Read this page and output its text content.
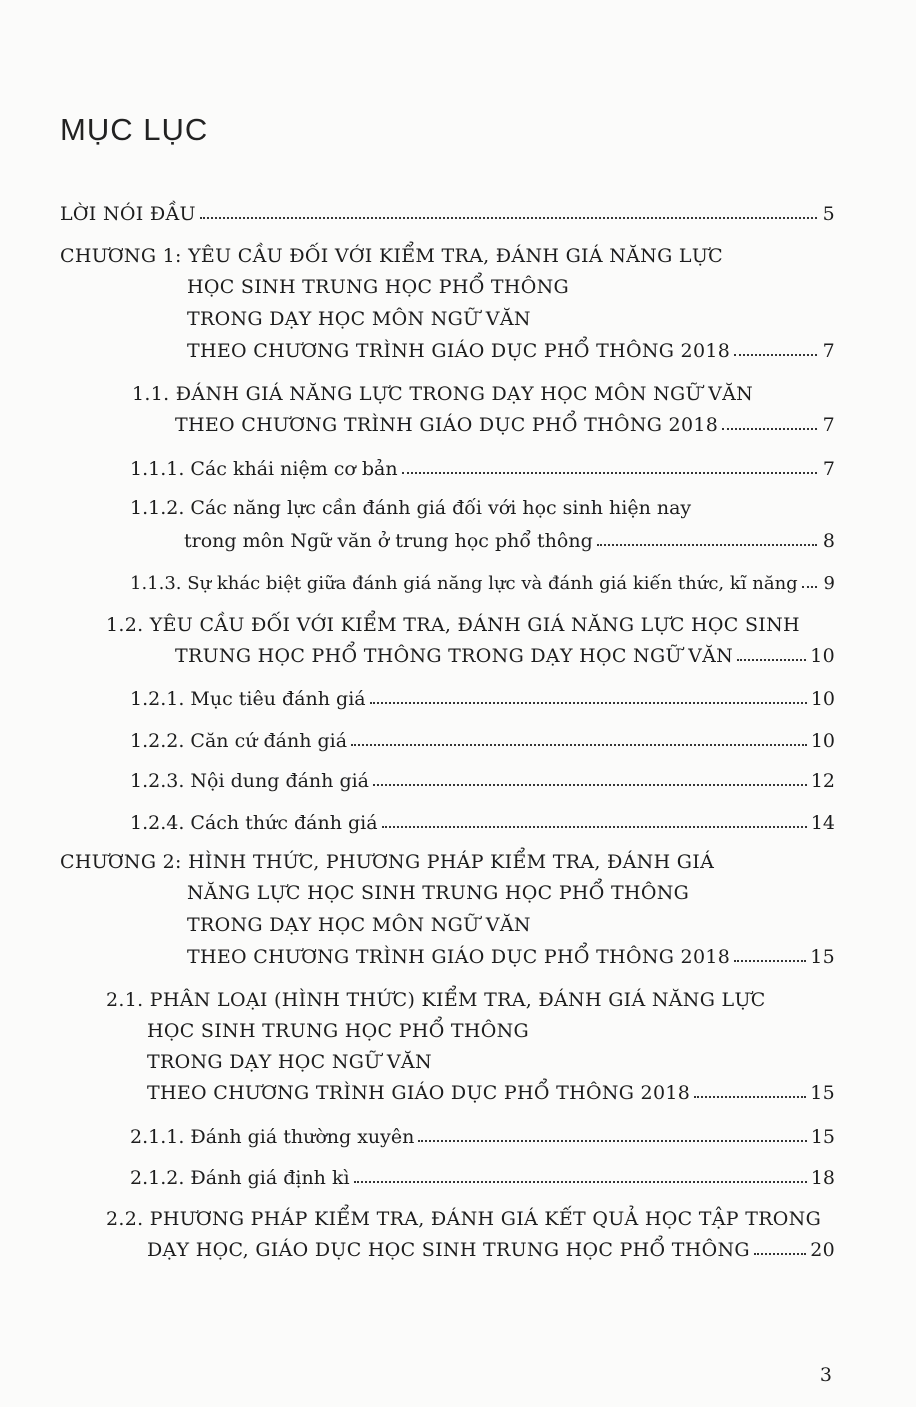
MỤC LỤC
LỜI NÓI ĐẦU	5
CHƯƠNG 1: YÊU CẦU ĐỐI VỚI KIỂM TRA, ĐÁNH GIÁ NĂNG LỰC
HỌC SINH TRUNG HỌC PHỔ THÔNG
TRONG DẠY HỌC MÔN NGỮ VĂN
THEO CHƯƠNG TRÌNH GIÁO DỤC PHỔ THÔNG 2018	7
1.1. ĐÁNH GIÁ NĂNG LỰC TRONG DẠY HỌC MÔN NGỮ VĂN
THEO CHƯƠNG TRÌNH GIÁO DỤC PHỔ THÔNG 2018	7
1.1.1. Các khái niệm cơ bản	7
1.1.2. Các năng lực cần đánh giá đối với học sinh hiện nay
trong môn Ngữ văn ở trung học phổ thông	8
1.1.3. Sự khác biệt giữa đánh giá năng lực và đánh giá kiến thức, kĩ năng 9
1.2. YÊU CẦU ĐỐI VỚI KIỂM TRA, ĐÁNH GIÁ NĂNG LỰC HỌC SINH
TRUNG HỌC PHỔ THÔNG TRONG DẠY HỌC NGỮ VĂN	10
1.2.1. Mục tiêu đánh giá	10
1.2.2. Căn cứ đánh giá	10
1.2.3. Nội dung đánh giá	12
1.2.4. Cách thức đánh giá	14
CHƯƠNG 2: HÌNH THỨC, PHƯƠNG PHÁP KIỂM TRA, ĐÁNH GIÁ
NĂNG LỰC HỌC SINH TRUNG HỌC PHỔ THÔNG
TRONG DẠY HỌC MÔN NGỮ VĂN
THEO CHƯƠNG TRÌNH GIÁO DỤC PHỔ THÔNG 2018	15
2.1. PHÂN LOẠI (HÌNH THỨC) KIỂM TRA, ĐÁNH GIÁ NĂNG LỰC
HỌC SINH TRUNG HỌC PHỔ THÔNG
TRONG DẠY HỌC NGỮ VĂN
THEO CHƯƠNG TRÌNH GIÁO DỤC PHỔ THÔNG 2018	15
2.1.1. Đánh giá thường xuyên	15
2.1.2. Đánh giá định kì	18
2.2. PHƯƠNG PHÁP KIỂM TRA, ĐÁNH GIÁ KẾT QUẢ HỌC TẬP TRONG
DẠY HỌC, GIÁO DỤC HỌC SINH TRUNG HỌC PHỔ THÔNG	20
3
